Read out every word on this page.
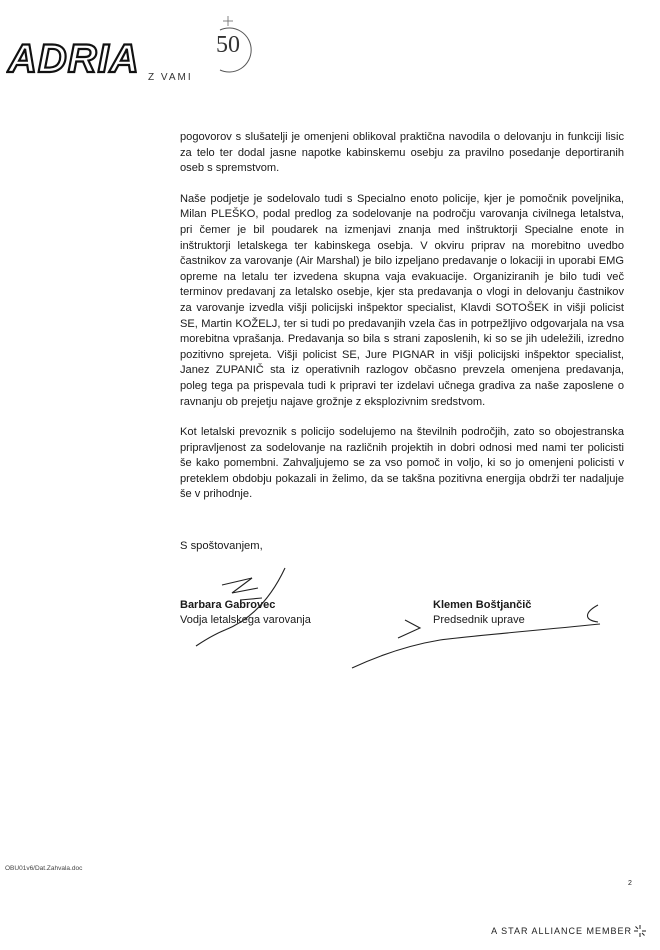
ADRIA	50
Z VAMI

pogovorov s slušatelji je omenjeni oblikoval praktična navodila o delovanju in funkciji lisic za telo ter dodal jasne napotke kabinskemu osebju za pravilno posedanje deportiranih oseb s spremstvom.

Naše podjetje je sodelovalo tudi s Specialno enoto policije, kjer je pomočnik poveljnika, Milan PLEŠKO, podal predlog za sodelovanje na področju varovanja civilnega letalstva, pri čemer je bil poudarek na izmenjavi znanja med inštruktorji Specialne enote in inštruktorji letalskega ter kabinskega osebja. V okviru priprav na morebitno uvedbo častnikov za varovanje (Air Marshal) je bilo izpeljano predavanje o lokaciji in uporabi EMG opreme na letalu ter izvedena skupna vaja evakuacije. Organiziranih je bilo tudi več terminov predavanj za letalsko osebje, kjer sta predavanja o vlogi in delovanju častnikov za varovanje izvedla višji policijski inšpektor specialist, Klavdi SOTOŠEK in višji policist SE, Martin KOŽELJ, ter si tudi po predavanjih vzela čas in potrpežljivo odgovarjala na vsa morebitna vprašanja. Predavanja so bila s strani zaposlenih, ki so se jih udeležili, izredno pozitivno sprejeta. Višji policist SE, Jure PIGNAR in višji policijski inšpektor specialist, Janez ZUPANIČ sta iz operativnih razlogov občasno prevzela omenjena predavanja, poleg tega pa prispevala tudi k pripravi ter izdelavi učnega gradiva za naše zaposlene o ravnanju ob prejetju najave grožnje z eksplozivnim sredstvom.

Kot letalski prevoznik s policijo sodelujemo na številnih področjih, zato so obojestranska pripravljenost za sodelovanje na različnih projektih in dobri odnosi med nami ter policisti še kako pomembni. Zahvaljujemo se za vso pomoč in voljo, ki so jo omenjeni policisti v preteklem obdobju pokazali in želimo, da se takšna pozitivna energija obdrži ter nadaljuje še v prihodnje.

S spoštovanjem,
Barbara Gabrovec
Vodja letalskega varovanja
Klemen Boštjančič
Predsednik uprave
OBU01v6/Dat.Zahvala.doc
2
A STAR ALLIANCE MEMBER
